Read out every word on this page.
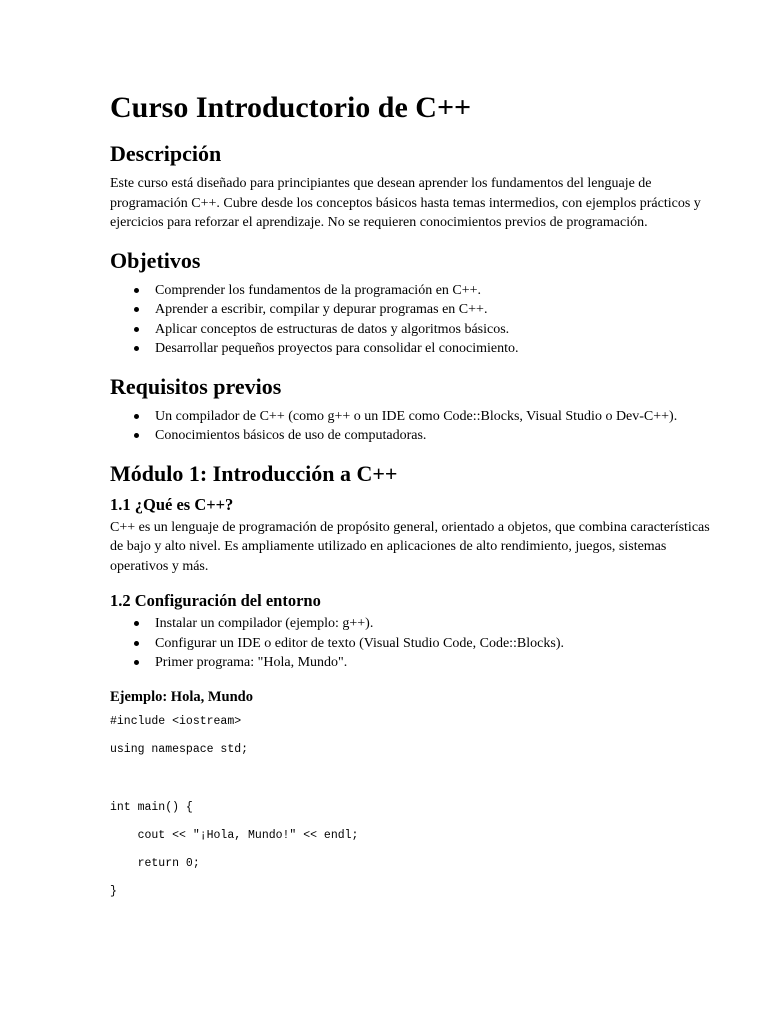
Curso Introductorio de C++
Descripción

Este curso está diseñado para principiantes que desean aprender los fundamentos del lenguaje de programación C++. Cubre desde los conceptos básicos hasta temas intermedios, con ejemplos prácticos y ejercicios para reforzar el aprendizaje. No se requieren conocimientos previos de programación.

Objetivos
Comprender los fundamentos de la programación en C++.
Aprender a escribir, compilar y depurar programas en C++.
Aplicar conceptos de estructuras de datos y algoritmos básicos.
Desarrollar pequeños proyectos para consolidar el conocimiento.
Requisitos previos
Un compilador de C++ (como g++ o un IDE como Code::Blocks, Visual Studio o Dev-C++).
Conocimientos básicos de uso de computadoras.
Módulo 1: Introducción a C++
1.1 ¿Qué es C++?

C++ es un lenguaje de programación de propósito general, orientado a objetos, que combina características de bajo y alto nivel. Es ampliamente utilizado en aplicaciones de alto rendimiento, juegos, sistemas operativos y más.

1.2 Configuración del entorno
Instalar un compilador (ejemplo: g++).
Configurar un IDE o editor de texto (Visual Studio Code, Code::Blocks).
Primer programa: "Hola, Mundo".
Ejemplo: Hola, Mundo
#include <iostream>
using namespace std;
int main() {
cout << "¡Hola, Mundo!" << endl;
return 0;
}
